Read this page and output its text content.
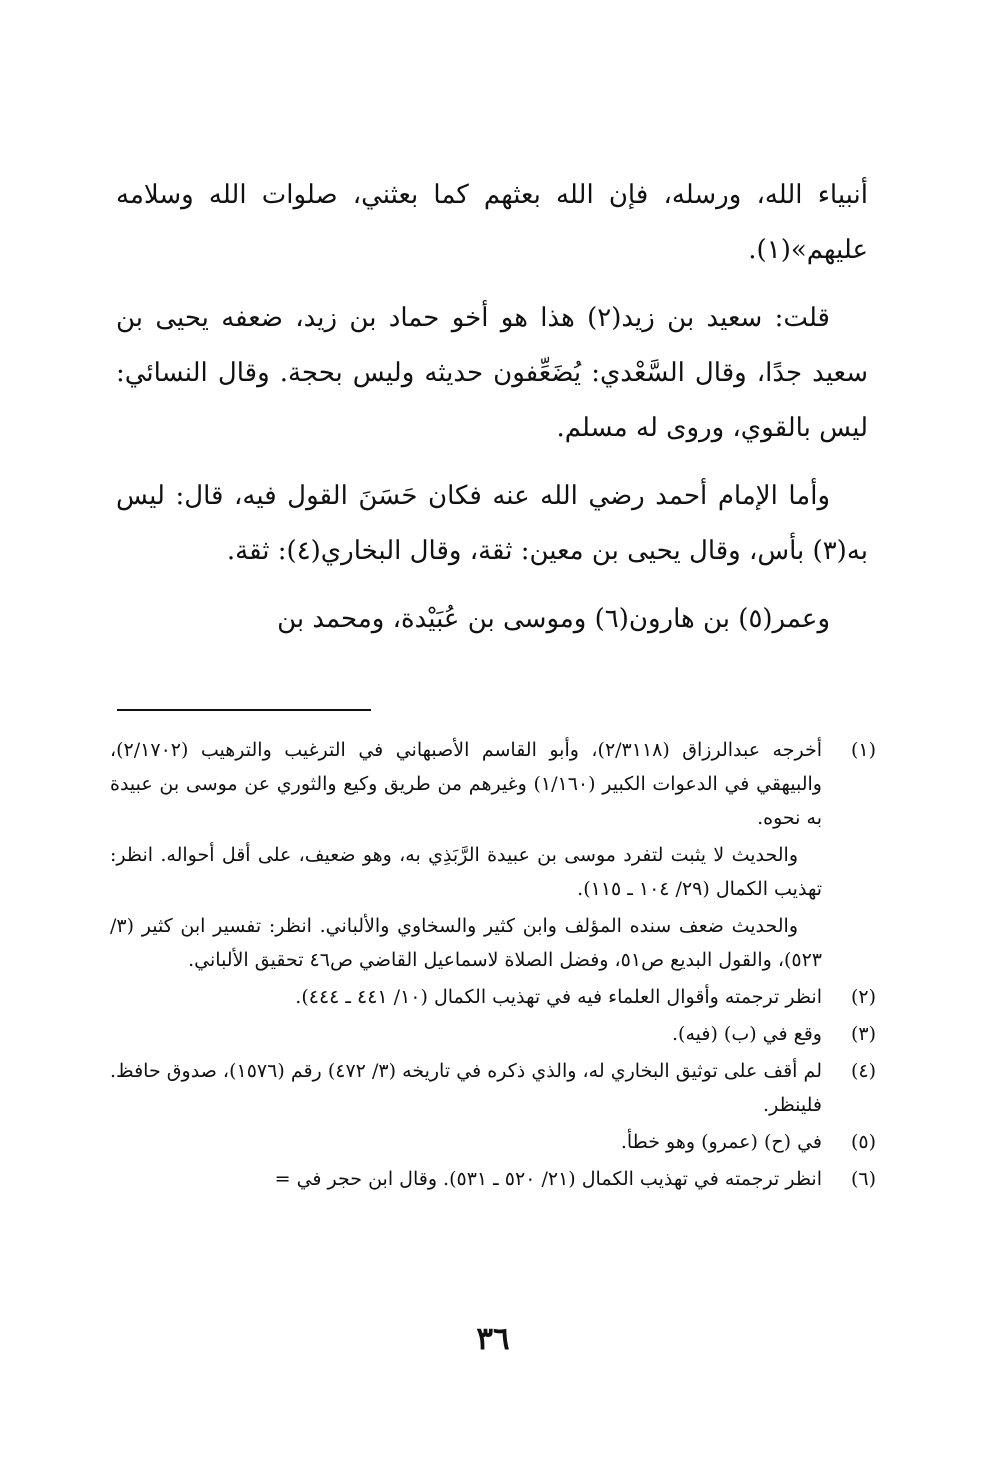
أنبياء الله، ورسله، فإن الله بعثهم كما بعثني، صلوات الله وسلامه عليهم»(١).

قلت: سعيد بن زيد(٢) هذا هو أخو حماد بن زيد، ضعفه يحيى بن سعيد جدًا، وقال السَّعْدي: يُضَعِّفون حديثه وليس بحجة. وقال النسائي: ليس بالقوي، وروى له مسلم.

وأما الإمام أحمد رضي الله عنه فكان حَسَنَ القول فيه، قال: ليس به(٣) بأس، وقال يحيى بن معين: ثقة، وقال البخاري(٤): ثقة.

وعمر(٥) بن هارون(٦) وموسى بن عُبَيْدة، ومحمد بن

(١)

أخرجه عبدالرزاق (٢/٣١١٨)، وأبو القاسم الأصبهاني في الترغيب والترهيب (٢/١٧٠٢)، والبيهقي في الدعوات الكبير (١/١٦٠) وغيرهم من طريق وكيع والثوري عن موسى بن عبيدة به نحوه.

والحديث لا يثبت لتفرد موسى بن عبيدة الرَّبَذِي به، وهو ضعيف، على أقل أحواله. انظر: تهذيب الكمال (٢٩/ ١٠٤ ـ ١١٥).

والحديث ضعف سنده المؤلف وابن كثير والسخاوي والألباني. انظر: تفسير ابن كثير (٣/ ٥٢٣)، والقول البديع ص٥١، وفضل الصلاة لاسماعيل القاضي ص٤٦ تحقيق الألباني.

(٢)

انظر ترجمته وأقوال العلماء فيه في تهذيب الكمال (١٠/ ٤٤١ ـ ٤٤٤).

(٣)

وقع في (ب) (فيه).

(٤)

لم أقف على توثيق البخاري له، والذي ذكره في تاريخه (٣/ ٤٧٢) رقم (١٥٧٦)، صدوق حافظ. فلينظر.

(٥)

في (ح) (عمرو) وهو خطأ.

(٦)

انظر ترجمته في تهذيب الكمال (٢١/ ٥٢٠ ـ ٥٣١). وقال ابن حجر في =

٣٦
